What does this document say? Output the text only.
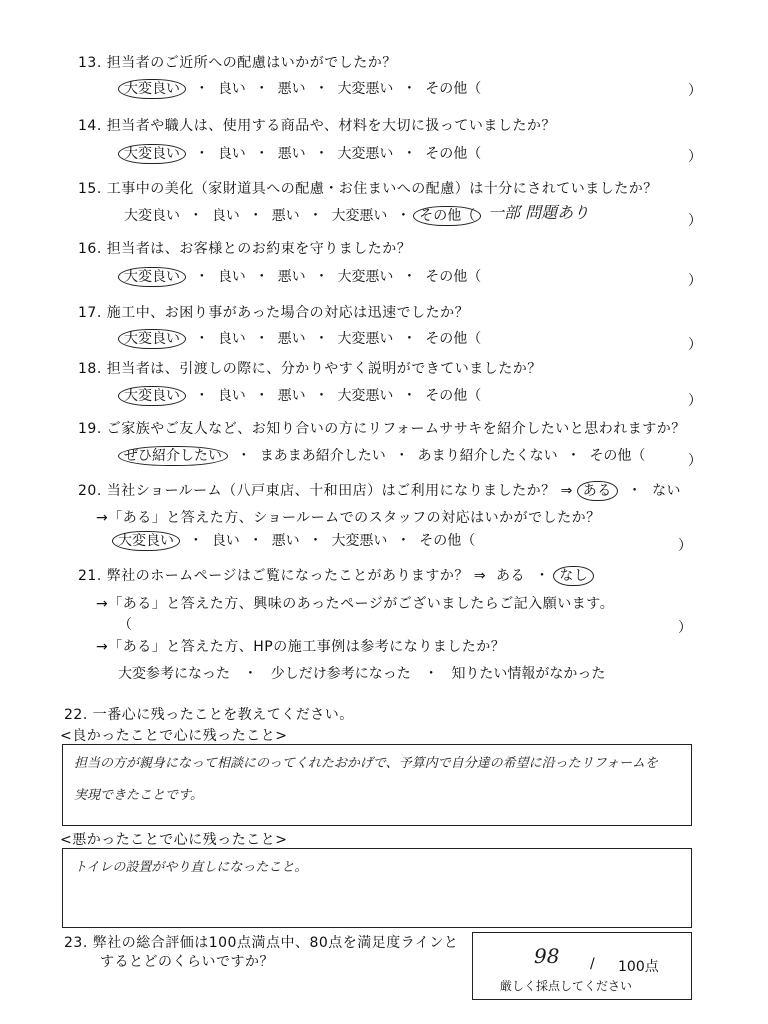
13. 担当者のご近所への配慮はいかがでしたか？
大変良い ・ 良い ・ 悪い ・ 大変悪い ・ その他（	）
14. 担当者や職人は、使用する商品や、材料を大切に扱っていましたか？
大変良い ・ 良い ・ 悪い ・ 大変悪い ・ その他（	）
15. 工事中の美化（家財道具への配慮・お住まいへの配慮）は十分にされていましたか？
大変良い ・ 良い ・ 悪い ・ 大変悪い ・ その他（ 一部 問題あり	）
16. 担当者は、お客様とのお約束を守りましたか？
大変良い ・ 良い ・ 悪い ・ 大変悪い ・ その他（	）
17. 施工中、お困り事があった場合の対応は迅速でしたか？
大変良い ・ 良い ・ 悪い ・ 大変悪い ・ その他（	）
18. 担当者は、引渡しの際に、分かりやすく説明ができていましたか？
大変良い ・ 良い ・ 悪い ・ 大変悪い ・ その他（	）
19. ご家族やご友人など、お知り合いの方にリフォームササキを紹介したいと思われますか？
ぜひ紹介したい ・ まあまあ紹介したい ・ あまり紹介したくない ・ その他（	）
20. 当社ショールーム（八戸東店、十和田店）はご利用になりましたか？ ⇒ ある ・ ない
→「ある」と答えた方、ショールームでのスタッフの対応はいかがでしたか？
大変良い ・ 良い ・ 悪い ・ 大変悪い ・ その他（	）
21. 弊社のホームページはご覧になったことがありますか？ ⇒ ある ・ なし
→「ある」と答えた方、興味のあったページがございましたらご記入願います。
（	）
→「ある」と答えた方、HPの施工事例は参考になりましたか？
大変参考になった ・ 少しだけ参考になった ・ 知りたい情報がなかった
22. 一番心に残ったことを教えてください。
<良かったことで心に残ったこと>
担当の方が親身になって相談にのってくれたおかげで、予算内で自分達の希望に沿ったリフォームを
実現できたことです。
<悪かったことで心に残ったこと>
トイレの設置がやり直しになったこと。
23. 弊社の総合評価は100点満点中、80点を満足度ラインと
するとどのくらいですか？	98 / 100点
厳しく採点してください
